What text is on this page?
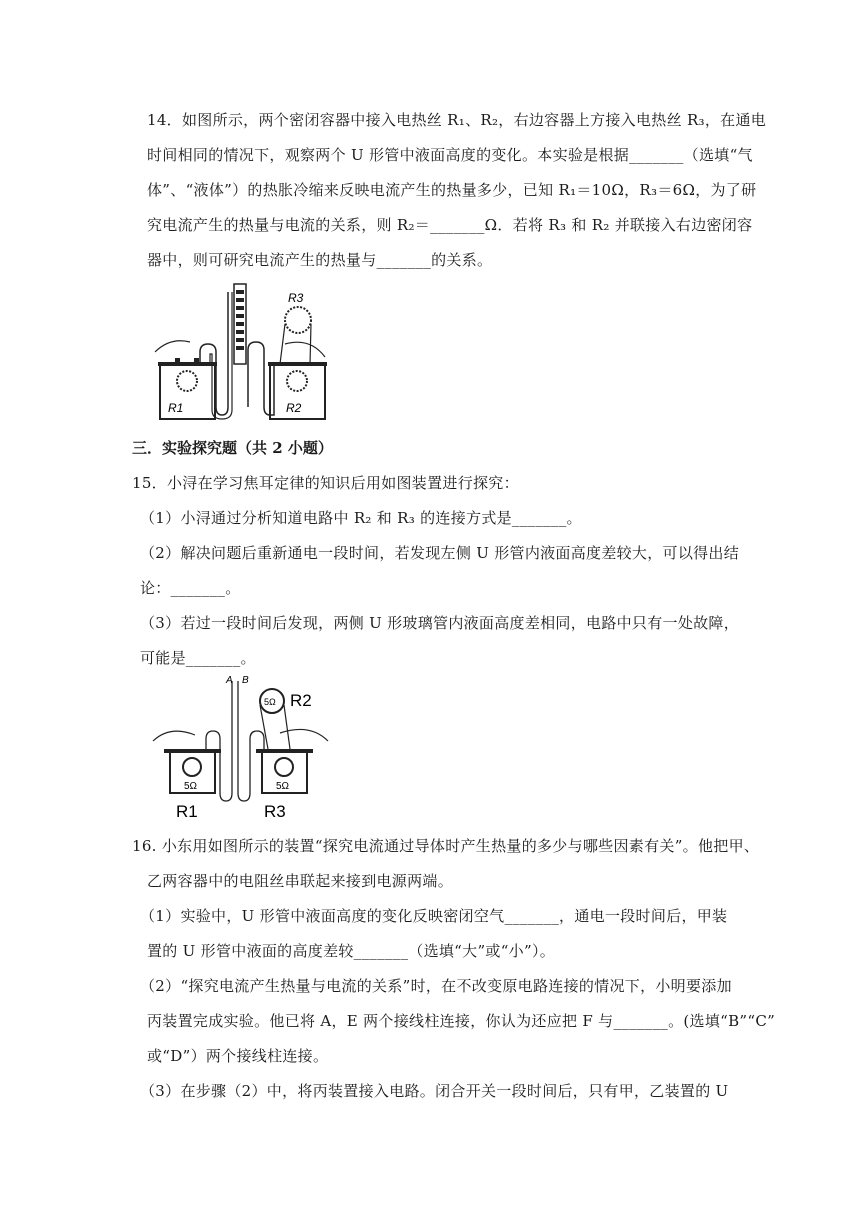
14．如图所示，两个密闭容器中接入电热丝 R₁、R₂，右边容器上方接入电热丝 R₃，在通电
时间相同的情况下，观察两个 U 形管中液面高度的变化。本实验是根据_______（选填“气
体”、“液体”）的热胀冷缩来反映电流产生的热量多少，已知 R₁＝10Ω，R₃＝6Ω，为了研
究电流产生的热量与电流的关系，则 R₂＝_______Ω．若将 R₃ 和 R₂ 并联接入右边密闭容
器中，则可研究电流产生的热量与_______的关系。
R3
R1	R2
三．实验探究题（共 2 小题）
15．小浔在学习焦耳定律的知识后用如图装置进行探究：
（1）小浔通过分析知道电路中 R₂ 和 R₃ 的连接方式是_______。
（2）解决问题后重新通电一段时间，若发现左侧 U 形管内液面高度差较大，可以得出结
论：_______。
（3）若过一段时间后发现，两侧 U 形玻璃管内液面高度差相同，电路中只有一处故障，
可能是_______。
5Ω	5Ω
A B
5Ω R2
R1	R3
16. 小东用如图所示的装置“探究电流通过导体时产生热量的多少与哪些因素有关”。他把甲、
乙两容器中的电阻丝串联起来接到电源两端。
（1）实验中，U 形管中液面高度的变化反映密闭空气_______，通电一段时间后，甲装
置的 U 形管中液面的高度差较_______（选填“大”或“小”）。
（2）“探究电流产生热量与电流的关系”时，在不改变原电路连接的情况下，小明要添加
丙装置完成实验。他已将 A，E 两个接线柱连接，你认为还应把 F 与_______。(选填“B”“C”
或“D”）两个接线柱连接。
（3）在步骤（2）中，将丙装置接入电路。闭合开关一段时间后，只有甲，乙装置的 U
